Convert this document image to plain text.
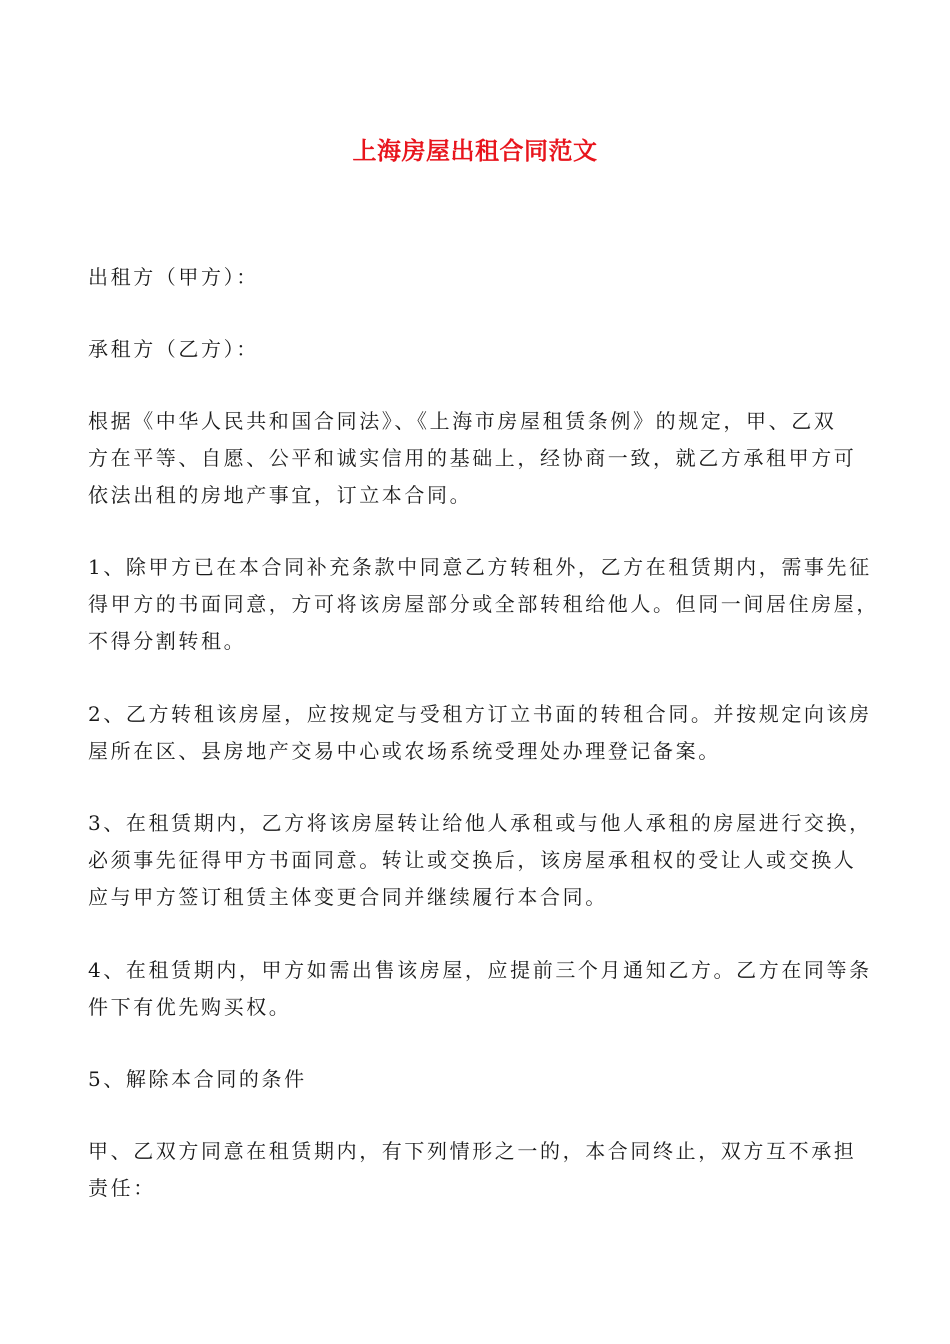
上海房屋出租合同范文

出租方（甲方）：

承租方（乙方）：

根据《中华人民共和国合同法》、《上海市房屋租赁条例》的规定，甲、乙双
方在平等、自愿、公平和诚实信用的基础上，经协商一致，就乙方承租甲方可
依法出租的房地产事宜，订立本合同。

1、除甲方已在本合同补充条款中同意乙方转租外，乙方在租赁期内，需事先征
得甲方的书面同意，方可将该房屋部分或全部转租给他人。但同一间居住房屋，
不得分割转租。

2、乙方转租该房屋，应按规定与受租方订立书面的转租合同。并按规定向该房
屋所在区、县房地产交易中心或农场系统受理处办理登记备案。

3、在租赁期内，乙方将该房屋转让给他人承租或与他人承租的房屋进行交换，
必须事先征得甲方书面同意。转让或交换后，该房屋承租权的受让人或交换人
应与甲方签订租赁主体变更合同并继续履行本合同。

4、在租赁期内，甲方如需出售该房屋，应提前三个月通知乙方。乙方在同等条
件下有优先购买权。

5、解除本合同的条件

甲、乙双方同意在租赁期内，有下列情形之一的，本合同终止，双方互不承担
责任：
